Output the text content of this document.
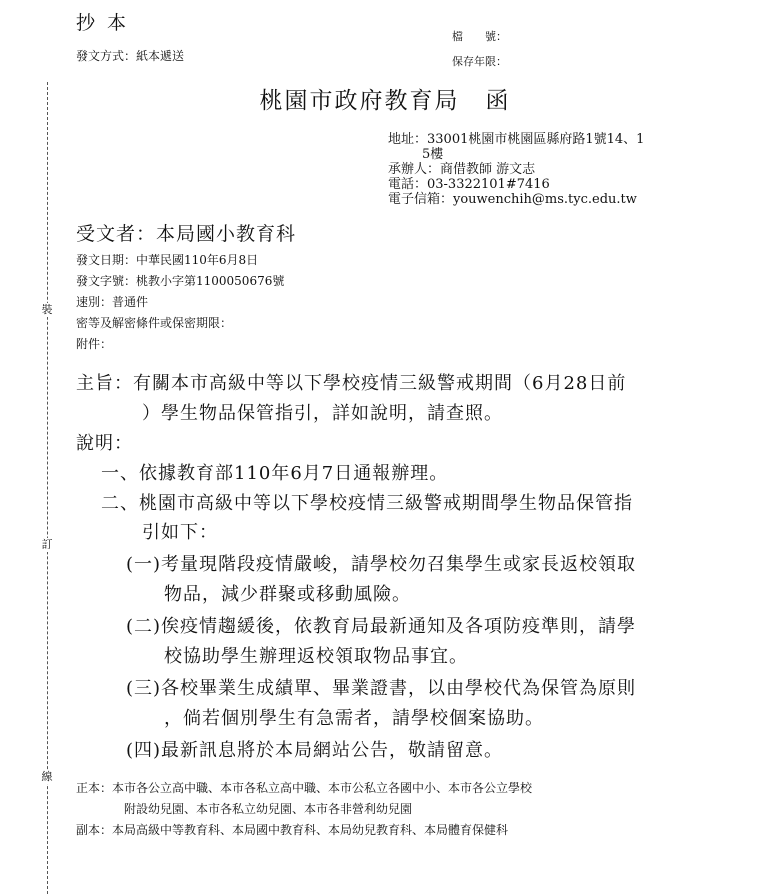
裝
訂
線
抄本
發文方式：紙本遞送
檔　　號：
保存年限：
桃園市政府教育局 函
地址：33001桃園市桃園區縣府路1號14、1
5樓
承辦人：商借教師 游文志
電話：03-3322101#7416
電子信箱：youwenchih@ms.tyc.edu.tw
受文者：本局國小教育科
發文日期：中華民國110年6月8日
發文字號：桃教小字第1100050676號
速別：普通件
密等及解密條件或保密期限：
附件：
主旨：有關本市高級中等以下學校疫情三級警戒期間（6月28日前
）學生物品保管指引，詳如說明，請查照。
說明：
一、依據教育部110年6月7日通報辦理。
二、桃園市高級中等以下學校疫情三級警戒期間學生物品保管指
引如下：
(一)考量現階段疫情嚴峻，請學校勿召集學生或家長返校領取
物品，減少群聚或移動風險。
(二)俟疫情趨緩後，依教育局最新通知及各項防疫準則，請學
校協助學生辦理返校領取物品事宜。
(三)各校畢業生成績單、畢業證書，以由學校代為保管為原則
，倘若個別學生有急需者，請學校個案協助。
(四)最新訊息將於本局網站公告，敬請留意。
正本：本市各公立高中職、本市各私立高中職、本市公私立各國中小、本市各公立學校
附設幼兒園、本市各私立幼兒園、本市各非營利幼兒園
副本：本局高級中等教育科、本局國中教育科、本局幼兒教育科、本局體育保健科
